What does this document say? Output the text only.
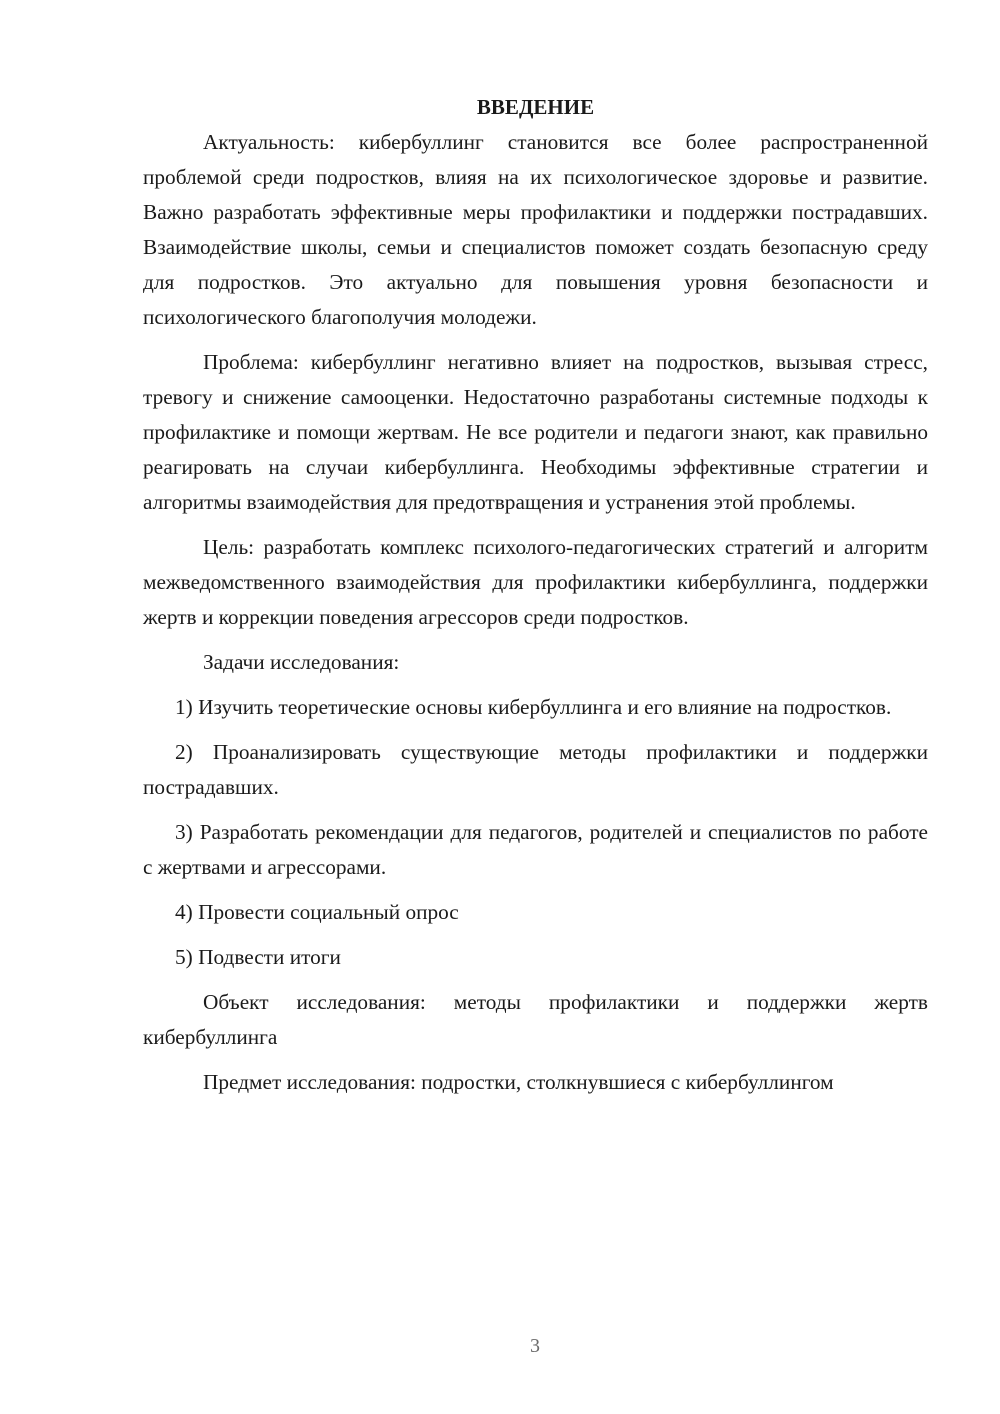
ВВЕДЕНИЕ

Актуальность: кибербуллинг становится все более распространенной проблемой среди подростков, влияя на их психологическое здоровье и развитие. Важно разработать эффективные меры профилактики и поддержки пострадавших. Взаимодействие школы, семьи и специалистов поможет создать безопасную среду для подростков. Это актуально для повышения уровня безопасности и психологического благополучия молодежи.

Проблема: кибербуллинг негативно влияет на подростков, вызывая стресс, тревогу и снижение самооценки. Недостаточно разработаны системные подходы к профилактике и помощи жертвам. Не все родители и педагоги знают, как правильно реагировать на случаи кибербуллинга. Необходимы эффективные стратегии и алгоритмы взаимодействия для предотвращения и устранения этой проблемы.

Цель: разработать комплекс психолого-педагогических стратегий и алгоритм межведомственного взаимодействия для профилактики кибербуллинга, поддержки жертв и коррекции поведения агрессоров среди подростков.

Задачи исследования:

1) Изучить теоретические основы кибербуллинга и его влияние на подростков.

2) Проанализировать существующие методы профилактики и поддержки пострадавших.

3) Разработать рекомендации для педагогов, родителей и специалистов по работе с жертвами и агрессорами.

4) Провести социальный опрос

5) Подвести итоги

Объект исследования: методы профилактики и поддержки жертв кибербуллинга

Предмет исследования: подростки, столкнувшиеся с кибербуллингом

3
